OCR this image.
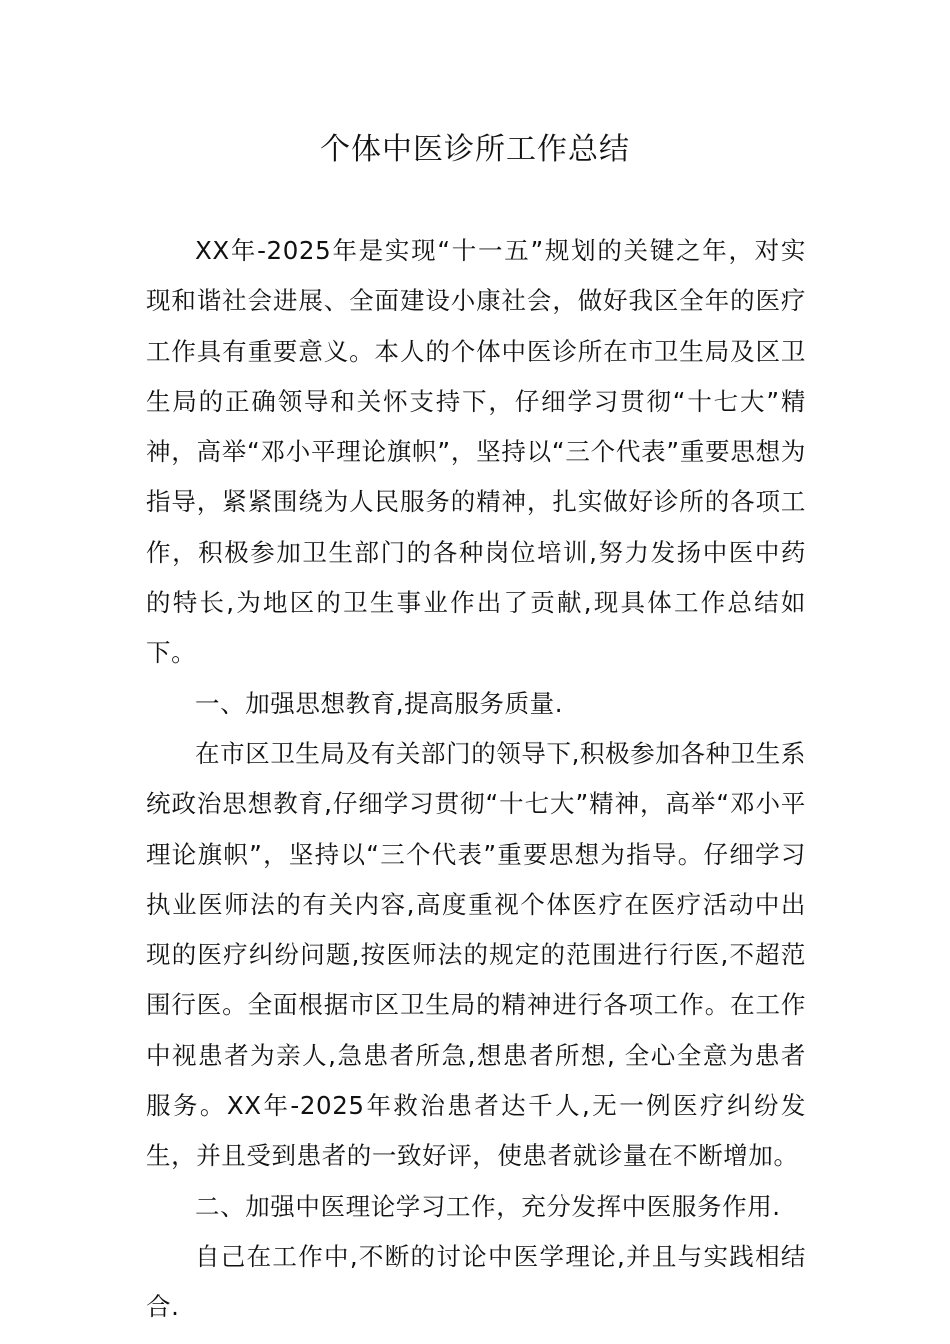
个体中医诊所工作总结

XX年-2025年是实现“十一五”规划的关键之年，对实现和谐社会进展、全面建设小康社会，做好我区全年的医疗工作具有重要意义。本人的个体中医诊所在市卫生局及区卫生局的正确领导和关怀支持下，仔细学习贯彻“十七大”精神，高举“邓小平理论旗帜”，坚持以“三个代表”重要思想为指导，紧紧围绕为人民服务的精神，扎实做好诊所的各项工作，积极参加卫生部门的各种岗位培训,努力发扬中医中药的特长,为地区的卫生事业作出了贡献,现具体工作总结如下。

一、加强思想教育,提高服务质量.

在市区卫生局及有关部门的领导下,积极参加各种卫生系统政治思想教育,仔细学习贯彻“十七大”精神，高举“邓小平理论旗帜”，坚持以“三个代表”重要思想为指导。仔细学习执业医师法的有关内容,高度重视个体医疗在医疗活动中出现的医疗纠纷问题,按医师法的规定的范围进行行医,不超范围行医。全面根据市区卫生局的精神进行各项工作。在工作中视患者为亲人,急患者所急,想患者所想, 全心全意为患者服务。XX年-2025年救治患者达千人,无一例医疗纠纷发生，并且受到患者的一致好评，使患者就诊量在不断增加。

二、加强中医理论学习工作，充分发挥中医服务作用.

自己在工作中,不断的讨论中医学理论,并且与实践相结合.
